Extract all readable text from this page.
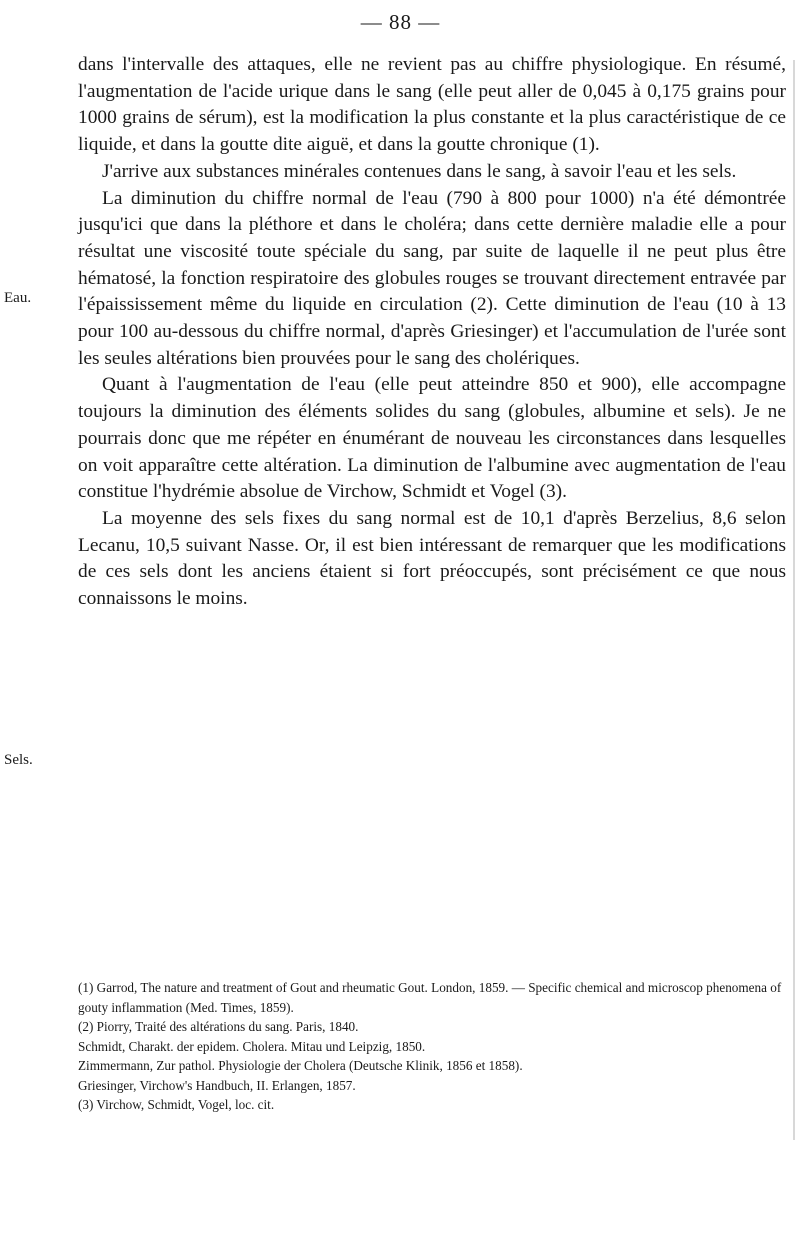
— 88 —
Eau.
Sels.

dans l'intervalle des attaques, elle ne revient pas au chiffre physiologique. En résumé, l'augmentation de l'acide urique dans le sang (elle peut aller de 0,045 à 0,175 grains pour 1000 grains de sérum), est la modification la plus constante et la plus caractéristique de ce liquide, et dans la goutte dite aiguë, et dans la goutte chronique (1).

J'arrive aux substances minérales contenues dans le sang, à savoir l'eau et les sels.

La diminution du chiffre normal de l'eau (790 à 800 pour 1000) n'a été démontrée jusqu'ici que dans la pléthore et dans le choléra; dans cette dernière maladie elle a pour résultat une viscosité toute spéciale du sang, par suite de laquelle il ne peut plus être hématosé, la fonction respiratoire des globules rouges se trouvant directement entravée par l'épaississement même du liquide en circulation (2). Cette diminution de l'eau (10 à 13 pour 100 au-dessous du chiffre normal, d'après Griesinger) et l'accumulation de l'urée sont les seules altérations bien prouvées pour le sang des cholériques.

Quant à l'augmentation de l'eau (elle peut atteindre 850 et 900), elle accompagne toujours la diminution des éléments solides du sang (globules, albumine et sels). Je ne pourrais donc que me répéter en énumérant de nouveau les circonstances dans lesquelles on voit apparaître cette altération. La diminution de l'albumine avec augmentation de l'eau constitue l'hydrémie absolue de Virchow, Schmidt et Vogel (3).

La moyenne des sels fixes du sang normal est de 10,1 d'après Berzelius, 8,6 selon Lecanu, 10,5 suivant Nasse. Or, il est bien intéressant de remarquer que les modifications de ces sels dont les anciens étaient si fort préoccupés, sont précisément ce que nous connaissons le moins.

(1) Garrod, The nature and treatment of Gout and rheumatic Gout. London, 1859. — Specific chemical and microscop phenomena of gouty inflammation (Med. Times, 1859).

(2) Piorry, Traité des altérations du sang. Paris, 1840.

Schmidt, Charakt. der epidem. Cholera. Mitau und Leipzig, 1850.

Zimmermann, Zur pathol. Physiologie der Cholera (Deutsche Klinik, 1856 et 1858).

Griesinger, Virchow's Handbuch, II. Erlangen, 1857.

(3) Virchow, Schmidt, Vogel, loc. cit.
